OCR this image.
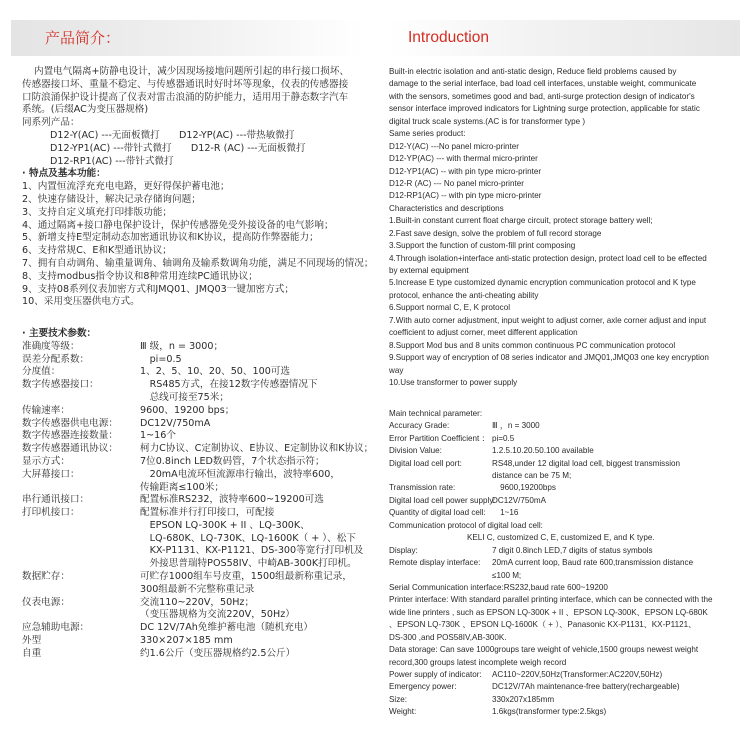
产品简介：	Introduction
内置电气隔离+防静电设计，减少因现场接地问题所引起的串行接口损坏、
传感器接口坏、重量不稳定、与传感器通讯时好时坏等现象，仪表的传感器接
口防浪涌保护设计提高了仪表对雷击浪涌的防护能力，适用用于静态数字汽车
系统。(后缀AC为变压器规格)
同系列产品：
D12-Y(AC) ---无面板微打　　D12-YP(AC) ---带热敏微打
D12-YP1(AC) ---带针式微打　　D12-R (AC) ---无面板微打
D12-RP1(AC) ---带针式微打
· 特点及基本功能：
1、内置恒流浮充充电电路，更好得保护蓄电池；
2、快速存储设计，解决记录存储询问题；
3、支持自定义填充打印排版功能；
4、通过隔离+接口静电保护设计，保护传感器免受外接设备的电气影响；
5、新增支持E型定制动态加密通讯协议和K协议，提高防作弊器能力；
6、支持常规C、E和K型通讯协议；
7、拥有自动调角、输重量调角、轴调角及输系数调角功能，满足不同现场的情况；
8、支持modbus指令协议和8种常用连续PC通讯协议；
9、支持08系列仪表加密方式和JMQ01、JMQ03一键加密方式；
10、采用变压器供电方式。
· 主要技术参数：
准确度等级：	Ⅲ 级，n = 3000；
误差分配系数：	　pi=0.5
分度值：	1、2、5、10、20、50、100可选
数字传感器接口：	　RS485方式，在接12数字传感器情况下
　总线可接至75米；
传输速率：	9600、19200 bps；
数字传感器供电电源：	DC12V/750mA
数字传感器连接数量：	1~16个
数字传感器通讯协议：	柯力C协议、C定制协议、E协议、E定制协议和K协议；
显示方式：	7位0.8inch LED数码管，7个状态指示符；
大屏幕接口：	　20mA电流环恒流源串行输出，波特率600，
传输距离≤100米；
串行通讯接口：	配置标准RS232，波特率600~19200可选
打印机接口：	配置标准并行打印接口，可配接
　EPSON LQ-300K + II 、LQ-300K、
　LQ-680K、LQ-730K、LQ-1600K（ + ）、松下
　KX-P1131、KX-P1121、DS-300等宽行打印机及
　外接思普瑞特POS58IV、中崎AB-300K打印机。
数据贮存：	可贮存1000组车号皮重，1500组最新称重记录，
300组最新不完整称重记录
仪表电源：	交流110~220V，50Hz；
（变压器规格为交流220V，50Hz）
应急辅助电源：	DC 12V/7Ah免维护蓄电池（随机充电）
外型	330×207×185 mm
自重	约1.6公斤（变压器规格约2.5公斤）
Built-in electric isolation and anti-static design, Reduce field problems caused by
damage to the serial interface, bad load cell interfaces, unstable weight, communicate
with the sensors, sometimes good and bad, anti-surge protection design of indicator's
sensor interface improved indicators for Lightning surge protection, applicable for static
digital truck scale systems.(AC is for transformer type )
Same series product:
D12-Y(AC) ---No panel micro-printer
D12-YP(AC) --- with thermal micro-printer
D12-YP1(AC) -- with pin type micro-printer
D12-R (AC) --- No panel micro-printer
D12-RP1(AC) -- with pin type micro-printer
Characteristics and descriptions
1.Built-in constant current float charge circuit, protect storage battery well;
2.Fast save design, solve the problem of full record storage
3.Support the function of custom-fill print composing
4.Through isolation+interface anti-static protection design, protect load cell to be effected
by external equipment
5.Increase E type customized dynamic encryption communication protocol and K type
protocol, enhance the anti-cheating ability
6.Support normal C, E, K protocol
7.With auto corner adjustment, input weight to adjust corner, axle corner adjust and input
coefficient to adjust corner, meet different application
8.Support Mod bus and 8 units common continuous PC communication protocol
9.Support way of encryption of 08 series indicator and JMQ01,JMQ03 one key encryption
way
10.Use transformer to power supply
Main technical parameter:
Accuracy Grade:	Ⅲ ，n = 3000
Error Partition Coefficient ： pi=0.5
Division Value:	1.2.5.10.20.50.100 available
Digital load cell port:	RS48,under 12 digital load cell, biggest transmission
distance can be 75 M;
Transmission rate:	　9600,19200bps
Digital load cell power supply:
DC12V/750mA
Quantity of digital load cell: 　1~16
Communication protocol of digital load cell:
KELI C, customized C, E, customized E, and K type.
Display:	7 digit 0.8inch LED,7 digits of status symbols
Remote display interface:	20mA current loop, Baud rate 600,transmission distance
≤100 M;
Serial Communication interface:RS232,baud rate 600~19200
Printer interface: With standard parallel printing interface, which can be connected with the
wide line printers , such as EPSON LQ-300K + II 、EPSON LQ-300K、EPSON LQ-680K
、EPSON LQ-730K 、EPSON LQ-1600K（ + ）、Panasonic KX-P1131、KX-P1121、
DS-300 ,and POS58IV,AB-300K.
Data storage: Can save 1000groups tare weight of vehicle,1500 groups newest weight
record,300 groups latest incomplete weigh record
Power supply of indicator:	AC110~220V,50Hz(Transformer:AC220V,50Hz)
Emergency power:	DC12V/7Ah maintenance-free battery(rechargeable)
Size:	330x207x185mm
Weight:	1.6kgs(transformer type:2.5kgs)
